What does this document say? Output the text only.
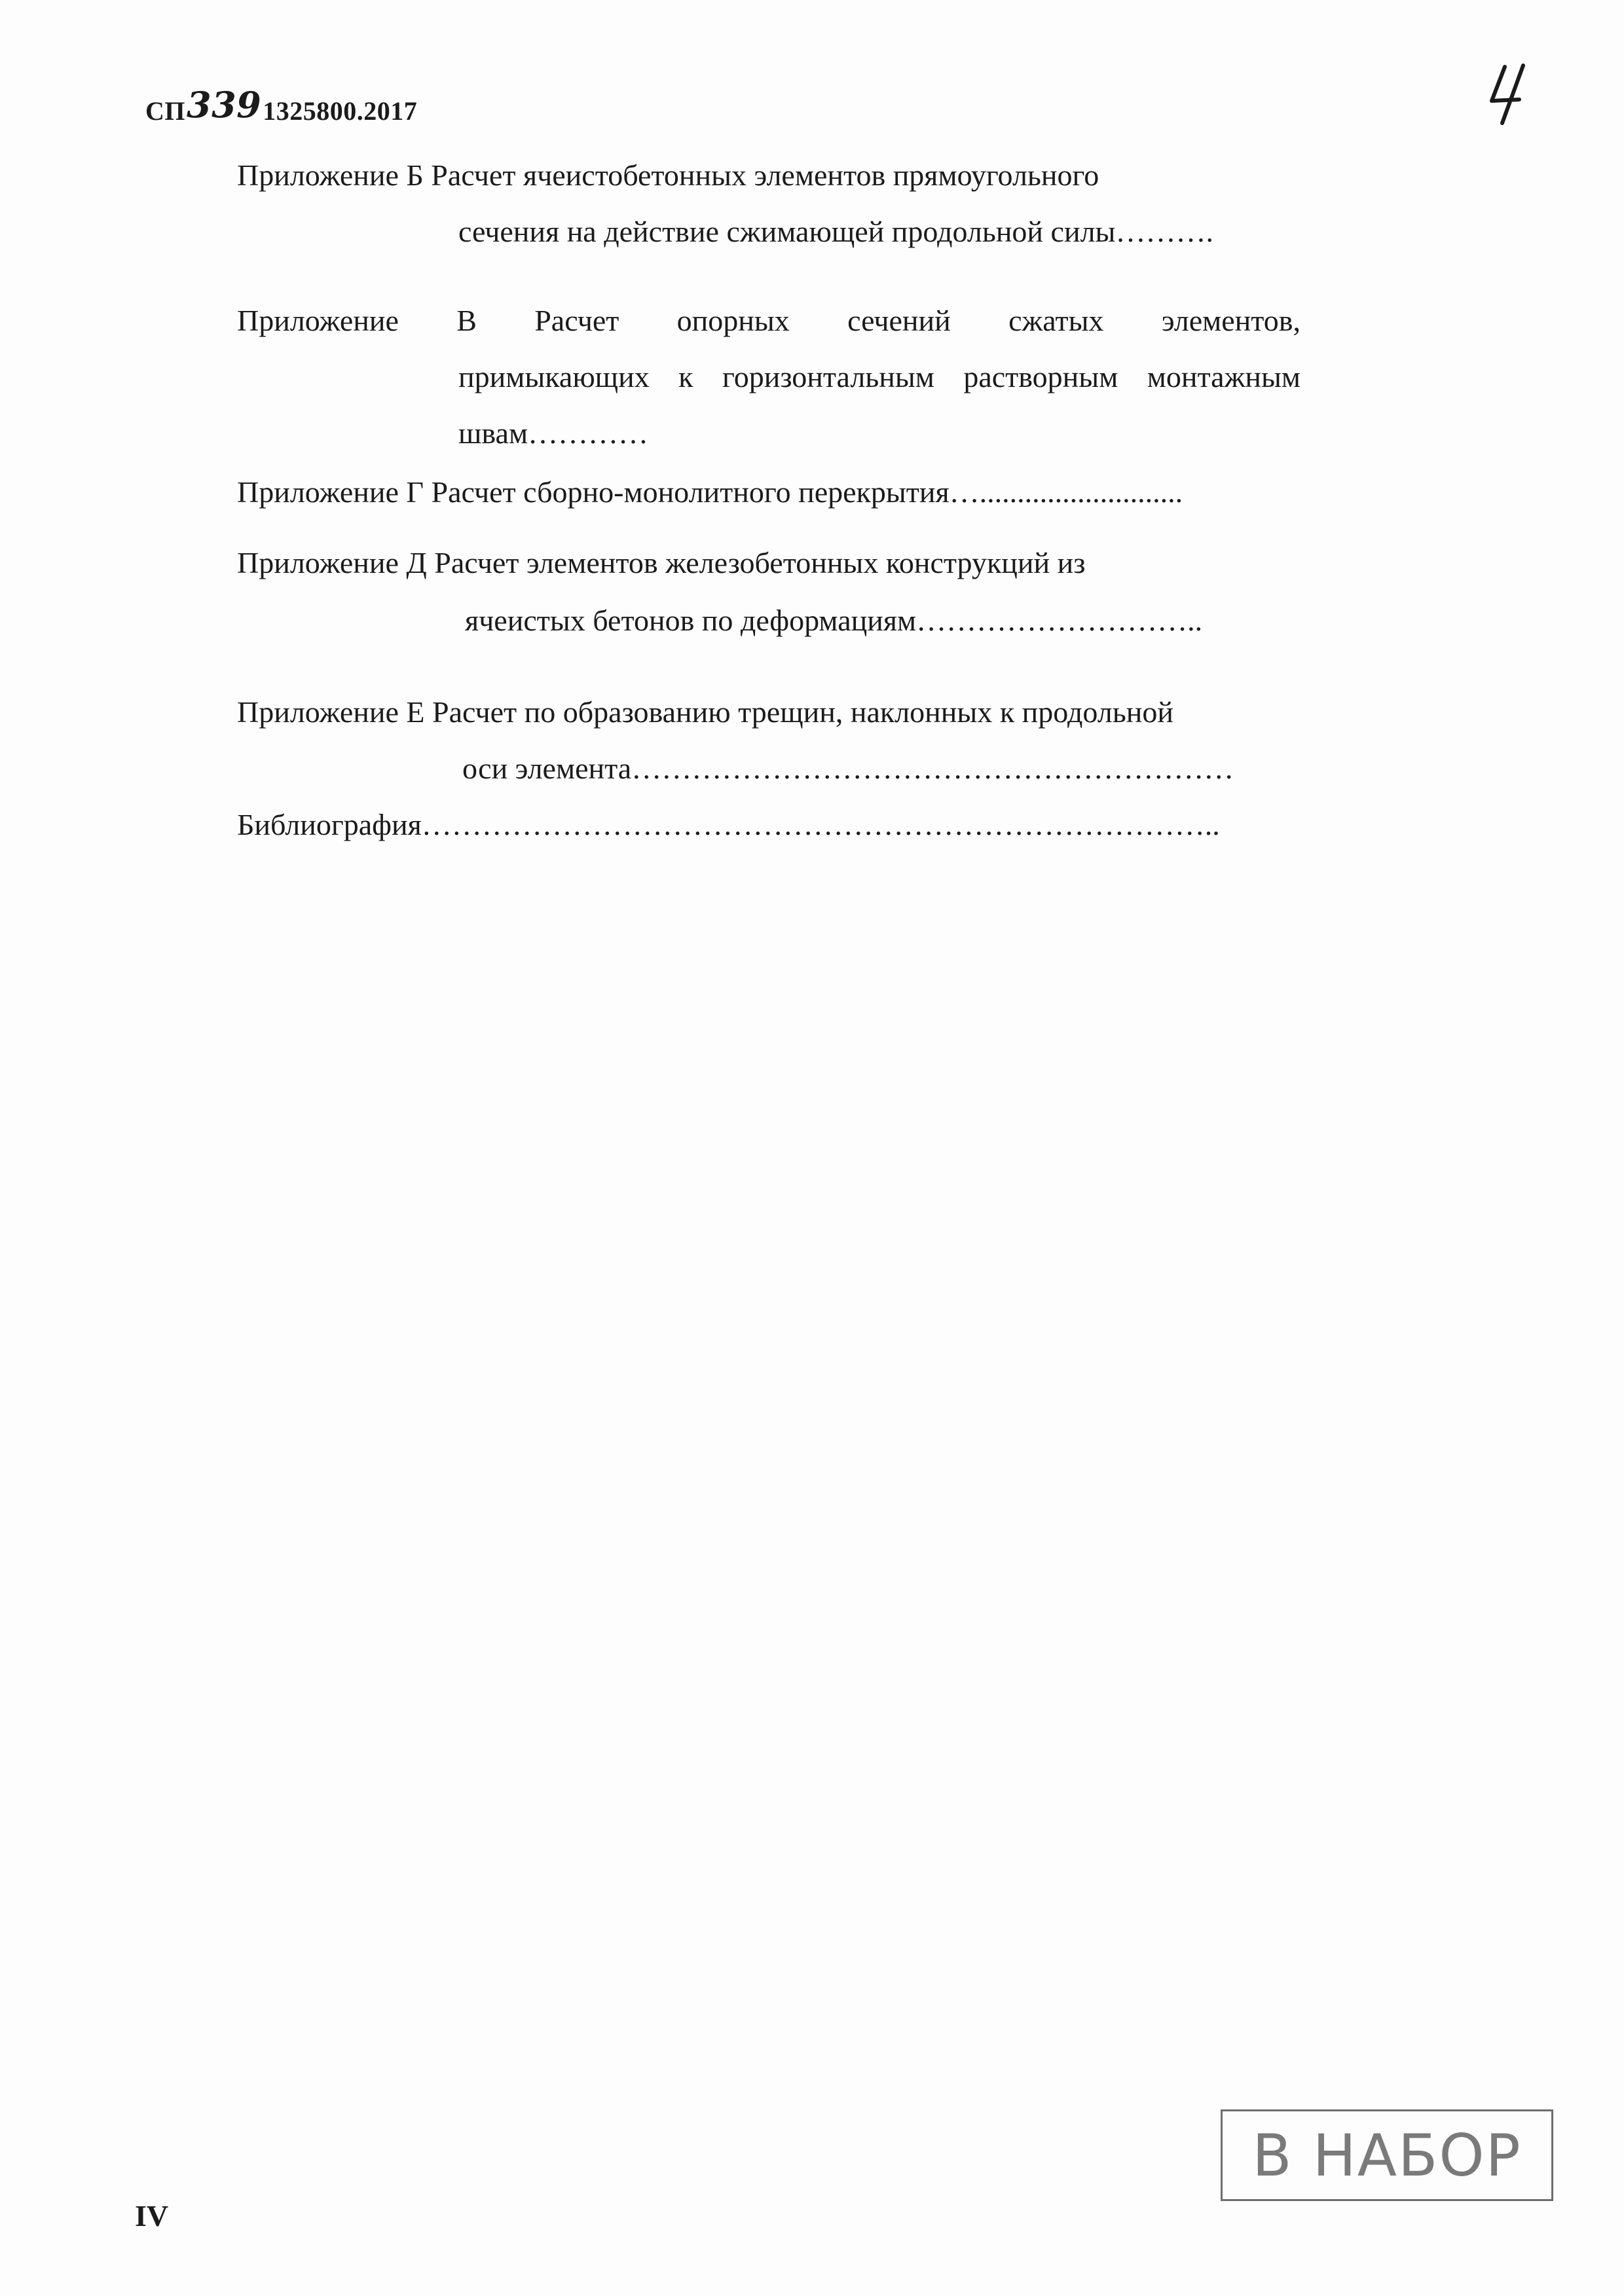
СП3391325800.2017
Приложение Б Расчет ячеистобетонных элементов прямоугольного
сечения на действие сжимающей продольной силы……….
Приложение В Расчет опорных сечений сжатых элементов,
примыкающих к горизонтальным растворным монтажным
швам…………
Приложение Г Расчет сборно-монолитного перекрытия…...........................
Приложение Д Расчет элементов железобетонных конструкций из
ячеистых бетонов по деформациям………………………..
Приложение Е Расчет по образованию трещин, наклонных к продольной
оси элемента……………………………………………………
Библиография……………………………………………………………………..
В НАБОР
IV
